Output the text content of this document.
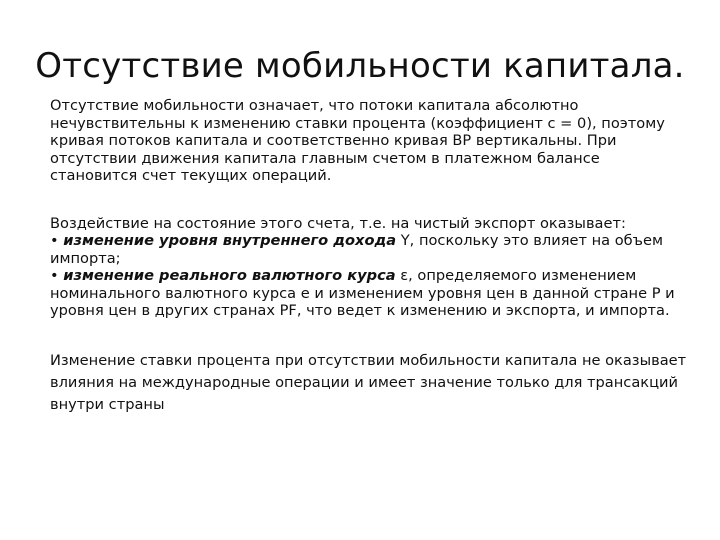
Отсутствие мобильности капитала.

Отсутствие мобильности означает, что потоки капитала абсолютно нечувствительны к изменению ставки процента (коэффициент c = 0), поэтому кривая потоков капитала и соответственно кривая BP вертикальны. При отсутствии движения капитала главным счетом в платежном балансе становится счет текущих операций.

Воздействие на состояние этого счета, т.е. на чистый экспорт оказывает:

• изменение уровня внутреннего дохода Y, поскольку это влияет на объем импорта;

• изменение реального валютного курса ε, определяемого изменением номинального валютного курса e и изменением уровня цен в данной стране P и уровня цен в других странах PF, что ведет к изменению и экспорта, и импорта.

Изменение ставки процента при отсутствии мобильности капитала не оказывает влияния на международные операции и имеет значение только для трансакций внутри страны
